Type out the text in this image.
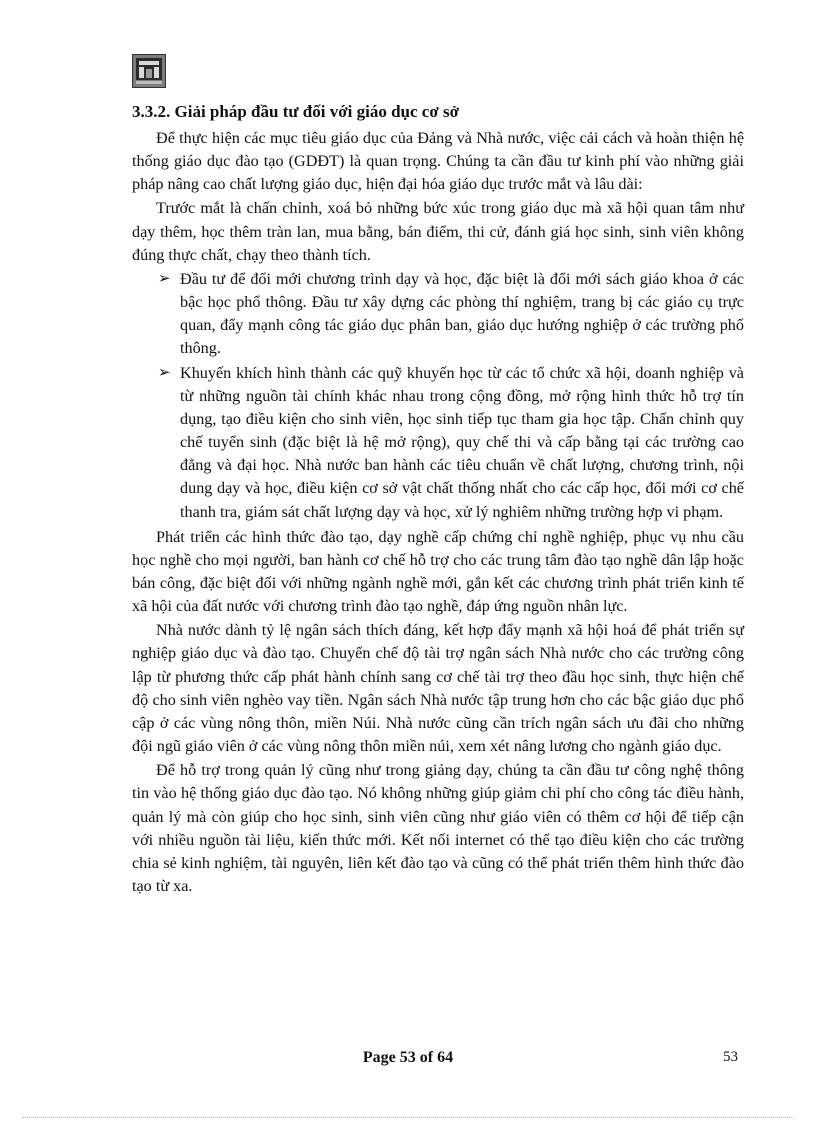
3.3.2. Giải pháp đầu tư đối với giáo dục cơ sở

Để thực hiện các mục tiêu giáo dục của Đảng và Nhà nước, việc cải cách và hoàn thiện hệ thống giáo dục đào tạo (GDĐT) là quan trọng. Chúng ta cần đầu tư kinh phí vào những giải pháp nâng cao chất lượng giáo dục, hiện đại hóa giáo dục trước mắt và lâu dài:

Trước mắt là chấn chỉnh, xoá bỏ những bức xúc trong giáo dục mà xã hội quan tâm như dạy thêm, học thêm tràn lan, mua bằng, bán điểm, thi cử, đánh giá học sinh, sinh viên không đúng thực chất, chạy theo thành tích.

➢ Đầu tư để đổi mới chương trình dạy và học, đặc biệt là đổi mới sách giáo khoa ở các bậc học phổ thông. Đầu tư xây dựng các phòng thí nghiệm, trang bị các giáo cụ trực quan, đẩy mạnh công tác giáo dục phân ban, giáo dục hướng nghiệp ở các trường phổ thông.
➢ Khuyến khích hình thành các quỹ khuyến học từ các tổ chức xã hội, doanh nghiệp và từ những nguồn tài chính khác nhau trong cộng đồng, mở rộng hình thức hỗ trợ tín dụng, tạo điều kiện cho sinh viên, học sinh tiếp tục tham gia học tập. Chấn chỉnh quy chế tuyển sinh (đặc biệt là hệ mở rộng), quy chế thi và cấp bằng tại các trường cao đẳng và đại học. Nhà nước ban hành các tiêu chuẩn về chất lượng, chương trình, nội dung dạy và học, điều kiện cơ sở vật chất thống nhất cho các cấp học, đổi mới cơ chế thanh tra, giám sát chất lượng dạy và học, xử lý nghiêm những trường hợp vi phạm.

Phát triển các hình thức đào tạo, dạy nghề cấp chứng chỉ nghề nghiệp, phục vụ nhu cầu học nghề cho mọi người, ban hành cơ chế hỗ trợ cho các trung tâm đào tạo nghề dân lập hoặc bán công, đặc biệt đối với những ngành nghề mới, gắn kết các chương trình phát triển kinh tế xã hội của đất nước với chương trình đào tạo nghề, đáp ứng nguồn nhân lực.

Nhà nước dành tỷ lệ ngân sách thích đáng, kết hợp đẩy mạnh xã hội hoá để phát triển sự nghiệp giáo dục và đào tạo. Chuyển chế độ tài trợ ngân sách Nhà nước cho các trường công lập từ phương thức cấp phát hành chính sang cơ chế tài trợ theo đầu học sinh, thực hiện chế độ cho sinh viên nghèo vay tiền. Ngân sách Nhà nước tập trung hơn cho các bậc giáo dục phổ cập ở các vùng nông thôn, miền Núi. Nhà nước cũng cần trích ngân sách ưu đãi cho những đội ngũ giáo viên ở các vùng nông thôn miền núi, xem xét nâng lương cho ngành giáo dục.

Để hỗ trợ trong quản lý cũng như trong giảng dạy, chúng ta cần đầu tư công nghệ thông tin vào hệ thống giáo dục đào tạo. Nó không những giúp giảm chi phí cho công tác điều hành, quản lý mà còn giúp cho học sinh, sinh viên cũng như giáo viên có thêm cơ hội để tiếp cận với nhiều nguồn tài liệu, kiến thức mới. Kết nối internet có thể tạo điều kiện cho các trường chia sẻ kinh nghiệm, tài nguyên, liên kết đào tạo và cũng có thể phát triển thêm hình thức đào tạo từ xa.

Page 53 of 64	53
